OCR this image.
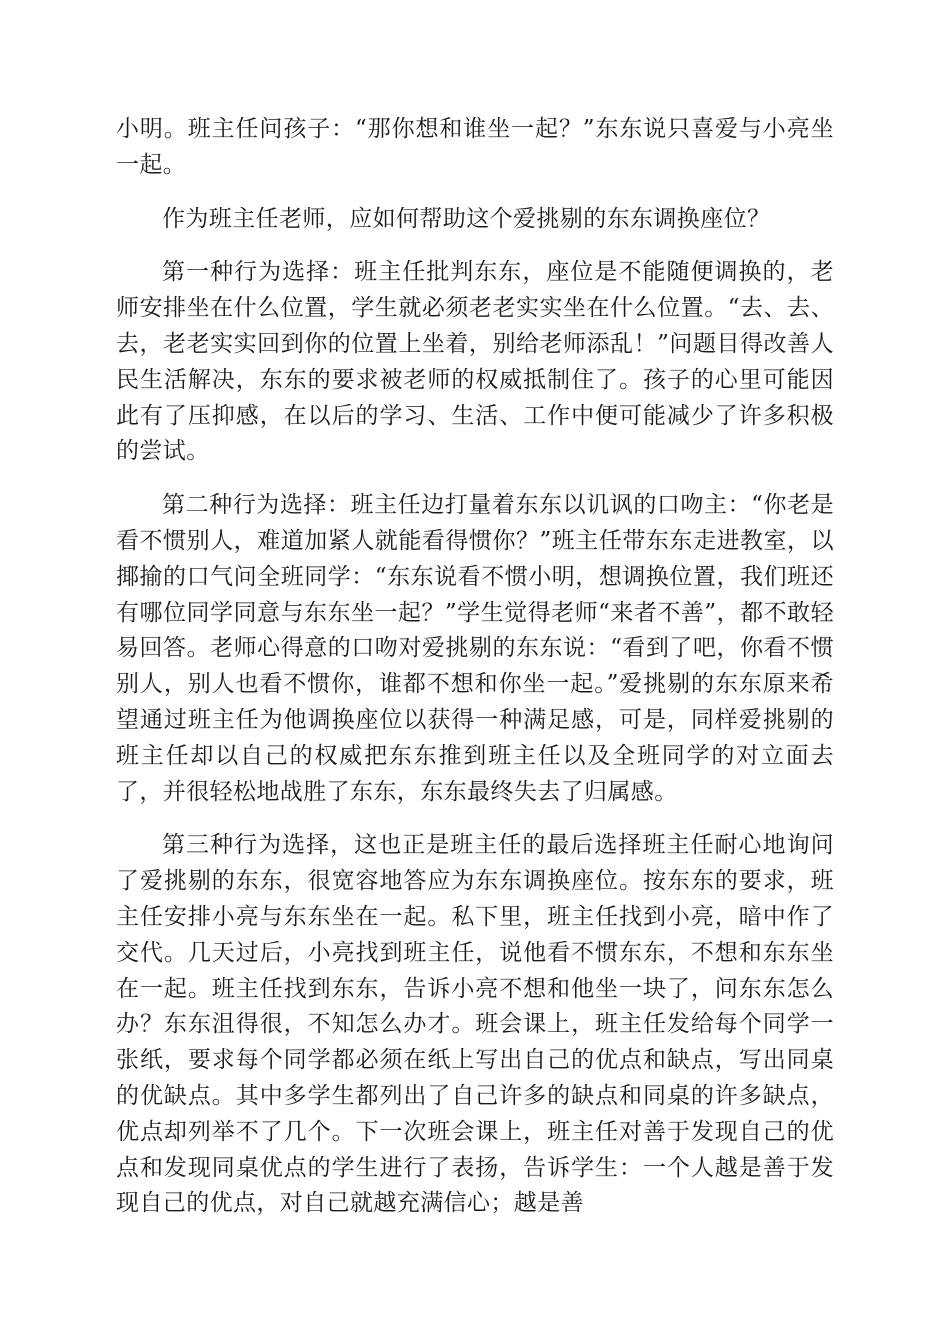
小明。班主任问孩子：“那你想和谁坐一起？”东东说只喜爱与小亮坐一起。

作为班主任老师，应如何帮助这个爱挑剔的东东调换座位？

第一种行为选择：班主任批判东东，座位是不能随便调换的，老师安排坐在什么位置，学生就必须老老实实坐在什么位置。“去、去、去，老老实实回到你的位置上坐着，别给老师添乱！”问题目得改善人民生活解决，东东的要求被老师的权威抵制住了。孩子的心里可能因此有了压抑感，在以后的学习、生活、工作中便可能减少了许多积极的尝试。

第二种行为选择：班主任边打量着东东以讥讽的口吻主：“你老是看不惯别人，难道加紧人就能看得惯你？”班主任带东东走进教室，以揶揄的口气问全班同学：“东东说看不惯小明，想调换位置，我们班还有哪位同学同意与东东坐一起？”学生觉得老师“来者不善”，都不敢轻易回答。老师心得意的口吻对爱挑剔的东东说：“看到了吧，你看不惯别人，别人也看不惯你，谁都不想和你坐一起。”爱挑剔的东东原来希望通过班主任为他调换座位以获得一种满足感，可是，同样爱挑剔的班主任却以自己的权威把东东推到班主任以及全班同学的对立面去了，并很轻松地战胜了东东，东东最终失去了归属感。

第三种行为选择，这也正是班主任的最后选择班主任耐心地询问了爱挑剔的东东，很宽容地答应为东东调换座位。按东东的要求，班主任安排小亮与东东坐在一起。私下里，班主任找到小亮，暗中作了交代。几天过后，小亮找到班主任，说他看不惯东东，不想和东东坐在一起。班主任找到东东，告诉小亮不想和他坐一块了，问东东怎么办？东东沮得很，不知怎么办才。班会课上，班主任发给每个同学一张纸，要求每个同学都必须在纸上写出自己的优点和缺点，写出同桌的优缺点。其中多学生都列出了自己许多的缺点和同桌的许多缺点，优点却列举不了几个。下一次班会课上，班主任对善于发现自己的优点和发现同桌优点的学生进行了表扬，告诉学生：一个人越是善于发现自己的优点，对自己就越充满信心；越是善
